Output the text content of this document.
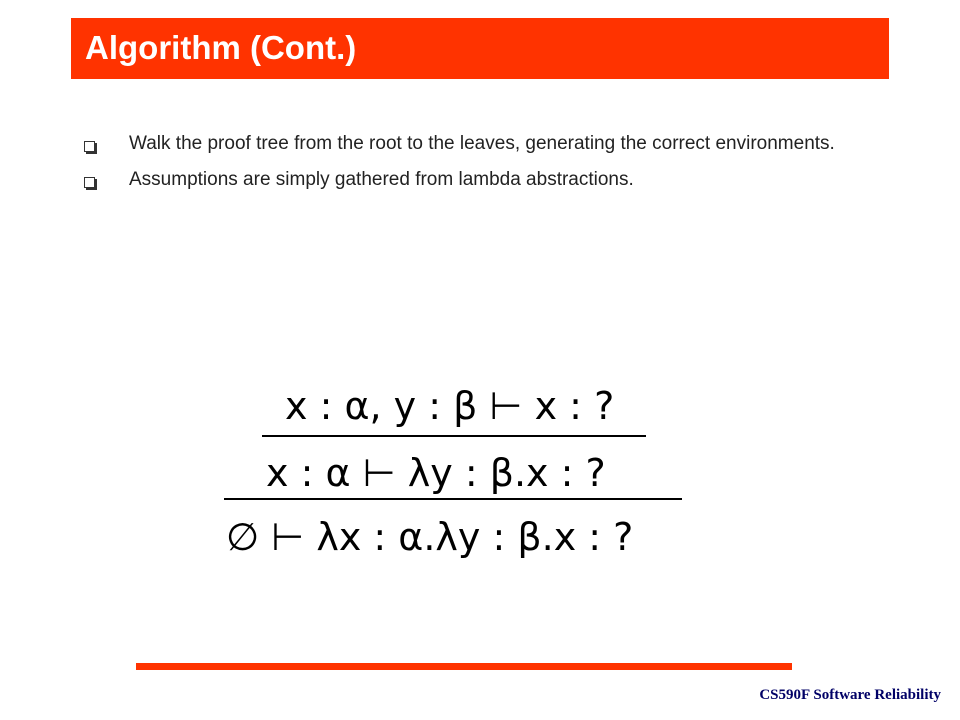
Algorithm (Cont.)
Walk the proof tree from the root to the leaves, generating the correct environments.
Assumptions are simply gathered from lambda abstractions.
x : α, y : β ⊢ x : ?
x : α ⊢ λy : β.x : ?
∅ ⊢ λx : α.λy : β.x : ?
CS590F Software Reliability
